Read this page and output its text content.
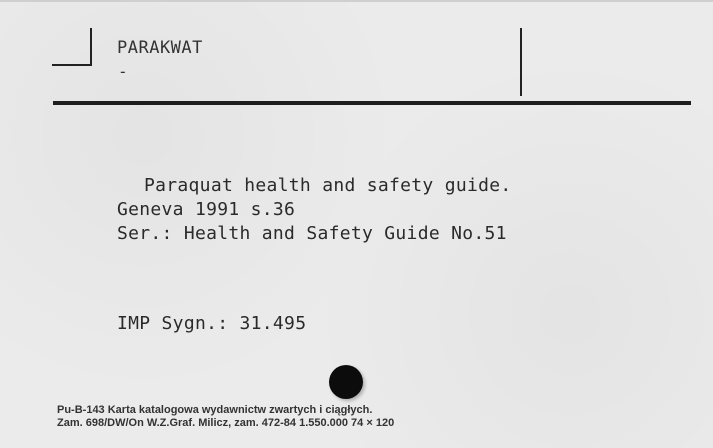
PARAKWAT
-
Paraquat health and safety guide.
Geneva 1991 s.36
Ser.: Health and Safety Guide No.51
IMP Sygn.: 31.495
Pu-B-143 Karta katalogowa wydawnictw zwartych i ciągłych.
Zam. 698/DW/On W.Z.Graf. Milicz, zam. 472-84 1.550.000 74 × 120
